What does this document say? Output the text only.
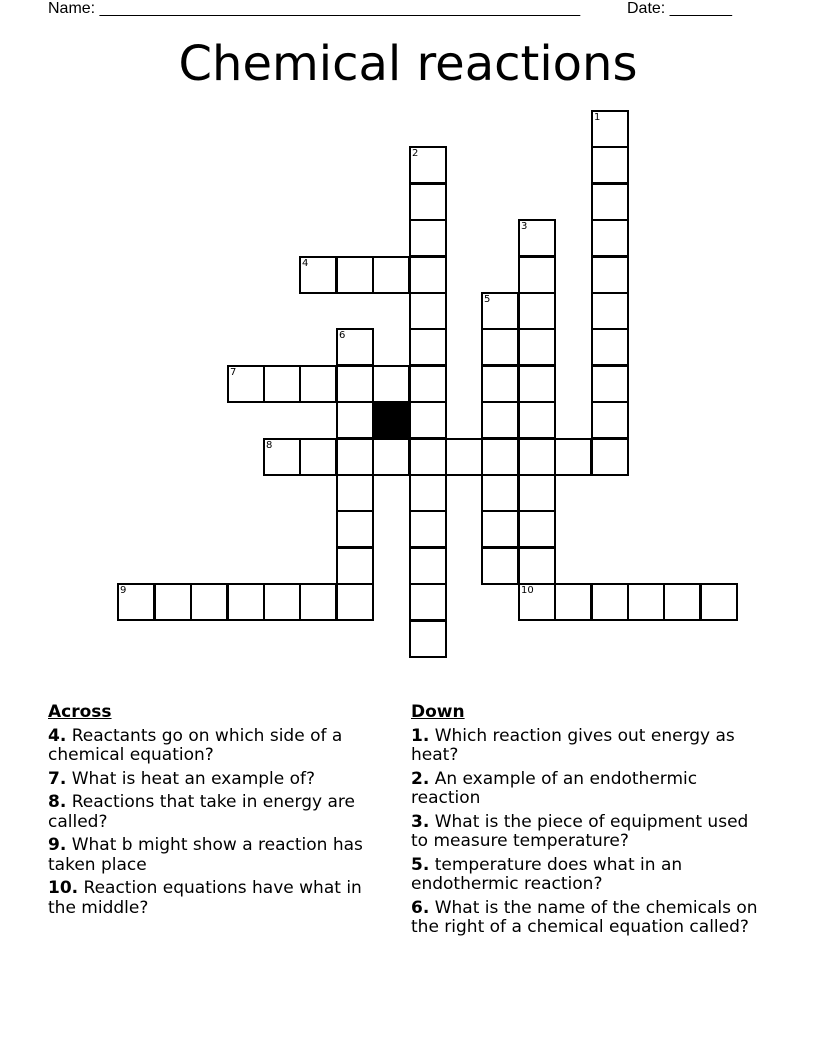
Name: ______________________________________________________	Date: _______
Chemical reactions
1
2
3
4
5
6
7
8
9	10
Across
4. Reactants go on which side of a chemical equation?
7. What is heat an example of?
8. Reactions that take in energy are called?
9. What b might show a reaction has taken place
10. Reaction equations have what in the middle?
Down
1. Which reaction gives out energy as heat?
2. An example of an endothermic reaction
3. What is the piece of equipment used to measure temperature?
5. temperature does what in an endothermic reaction?
6. What is the name of the chemicals on the right of a chemical equation called?
